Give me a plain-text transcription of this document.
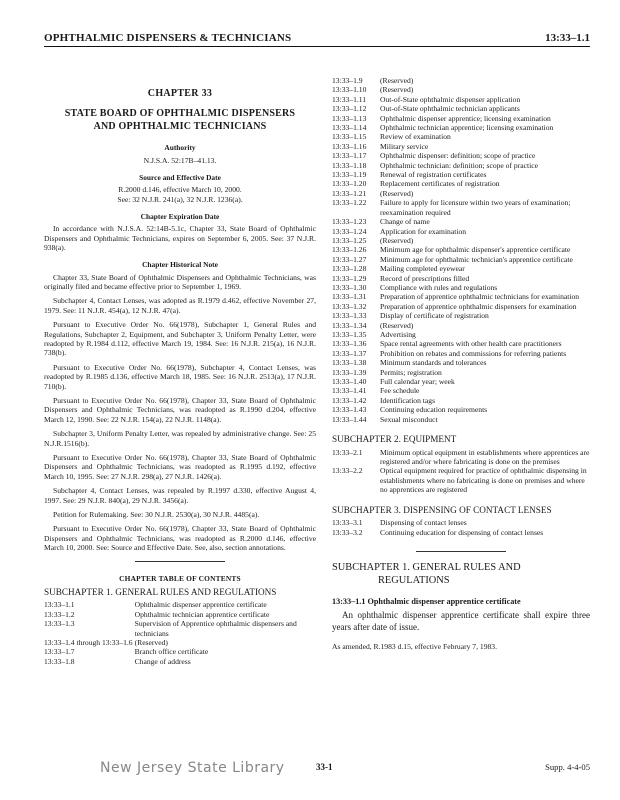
OPHTHALMIC DISPENSERS & TECHNICIANS	13:33–1.1
CHAPTER 33
STATE BOARD OF OPHTHALMIC DISPENSERS
AND OPHTHALMIC TECHNICIANS
Authority
N.J.S.A. 52:17B–41.13.
Source and Effective Date
R.2000 d.146, effective March 10, 2000.
See: 32 N.J.R. 241(a), 32 N.J.R. 1236(a).
Chapter Expiration Date

In accordance with N.J.S.A. 52:14B-5.1c, Chapter 33, State Board of Ophthalmic Dispensers and Ophthalmic Technicians, expires on September 6, 2005. See: 37 N.J.R. 938(a).

Chapter Historical Note

Chapter 33, State Board of Ophthalmic Dispensers and Ophthalmic Technicians, was originally filed and became effective prior to September 1, 1969.

Subchapter 4, Contact Lenses, was adopted as R.1979 d.462, effective November 27, 1979. See: 11 N.J.R. 454(a), 12 N.J.R. 47(a).

Pursuant to Executive Order No. 66(1978), Subchapter 1, General Rules and Regulations, Subchapter 2, Equipment, and Subchapter 3, Uniform Penalty Letter, were readopted by R.1984 d.112, effective March 19, 1984. See: 16 N.J.R. 215(a), 16 N.J.R. 738(b).

Pursuant to Executive Order No. 66(1978), Subchapter 4, Contact Lenses, was readopted by R.1985 d.136, effective March 18, 1985. See: 16 N.J.R. 2513(a), 17 N.J.R. 710(b).

Pursuant to Executive Order No. 66(1978), Chapter 33, State Board of Ophthalmic Dispensers and Ophthalmic Technicians, was readopted as R.1990 d.204, effective March 12, 1990. See: 22 N.J.R. 154(a), 22 N.J.R. 1148(a).

Subchapter 3, Uniform Penalty Letter, was repealed by administrative change. See: 25 N.J.R.1516(b).

Pursuant to Executive Order No. 66(1978), Chapter 33, State Board of Ophthalmic Dispensers and Ophthalmic Technicians, was readopted as R.1995 d.192, effective March 10, 1995. See: 27 N.J.R. 298(a), 27 N.J.R. 1426(a).

Subchapter 4, Contact Lenses, was repealed by R.1997 d.330, effective August 4, 1997. See: 29 N.J.R. 840(a), 29 N.J.R. 3456(a).

Petition for Rulemaking. See: 30 N.J.R. 2530(a), 30 N.J.R. 4485(a).

Pursuant to Executive Order No. 66(1978), Chapter 33, State Board of Ophthalmic Dispensers and Ophthalmic Technicians, was readopted as R.2000 d.146, effective March 10, 2000. See: Source and Effective Date. See, also, section annotations.

CHAPTER TABLE OF CONTENTS
SUBCHAPTER 1. GENERAL RULES AND REGULATIONS
13:33–1.1	Ophthalmic dispenser apprentice certificate
13:33–1.2	Ophthalmic technician apprentice certificate
13:33–1.3	Supervision of Apprentice ophthalmic dispensers and technicians
13:33–1.4 through 13:33–1.6	(Reserved)
13:33–1.7	Branch office certificate
13:33–1.8	Change of address
13:33–1.9	(Reserved)
13:33–1.10	(Reserved)
13:33–1.11	Out-of-State ophthalmic dispenser application
13:33–1.12	Out-of-State ophthalmic technician applicants
13:33–1.13	Ophthalmic dispenser apprentice; licensing examination
13:33–1.14	Ophthalmic technician apprentice; licensing examination
13:33–1.15	Review of examination
13:33–1.16	Military service
13:33–1.17	Ophthalmic dispenser: definition; scope of practice
13:33–1.18	Ophthalmic technician: definition; scope of practice
13:33–1.19	Renewal of registration certificates
13:33–1.20	Replacement certificates of registration
13:33–1.21	(Reserved)
13:33–1.22	Failure to apply for licensure within two years of examination; reexamination required
13:33–1.23	Change of name
13:33–1.24	Application for examination
13:33–1.25	(Reserved)
13:33–1.26	Minimum age for ophthalmic dispenser's apprentice certificate
13:33–1.27	Minimum age for ophthalmic technician's apprentice certificate
13:33–1.28	Mailing completed eyewear
13:33–1.29	Record of prescriptions filled
13:33–1.30	Compliance with rules and regulations
13:33–1.31	Preparation of apprentice ophthalmic technicians for examination
13:33–1.32	Preparation of apprentice ophthalmic dispensers for examination
13:33–1.33	Display of certificate of registration
13:33–1.34	(Reserved)
13:33–1.35	Advertising
13:33–1.36	Space rental agreements with other health care practitioners
13:33–1.37	Prohibition on rebates and commissions for referring patients
13:33–1.38	Minimum standards and tolerances
13:33–1.39	Permits; registration
13:33–1.40	Full calendar year; week
13:33–1.41	Fee schedule
13:33–1.42	Identification tags
13:33–1.43	Continuing education requirements
13:33–1.44	Sexual misconduct
SUBCHAPTER 2. EQUIPMENT
13:33–2.1	Minimum optical equipment in establishments where apprentices are registered and/or where fabricating is done on the premises
13:33–2.2	Optical equipment required for practice of ophthalmic dispensing in establishments where no fabricating is done on premises and where no apprentices are registered
SUBCHAPTER 3. DISPENSING OF CONTACT LENSES
13:33–3.1	Dispensing of contact lenses
13:33–3.2	Continuing education for dispensing of contact lenses
SUBCHAPTER 1. GENERAL RULES AND REGULATIONS
13:33–1.1 Ophthalmic dispenser apprentice certificate
An ophthalmic dispenser apprentice certificate shall expire three years after date of issue.
As amended, R.1983 d.15, effective February 7, 1983.
New Jersey State Library	33-1	Supp. 4-4-05
